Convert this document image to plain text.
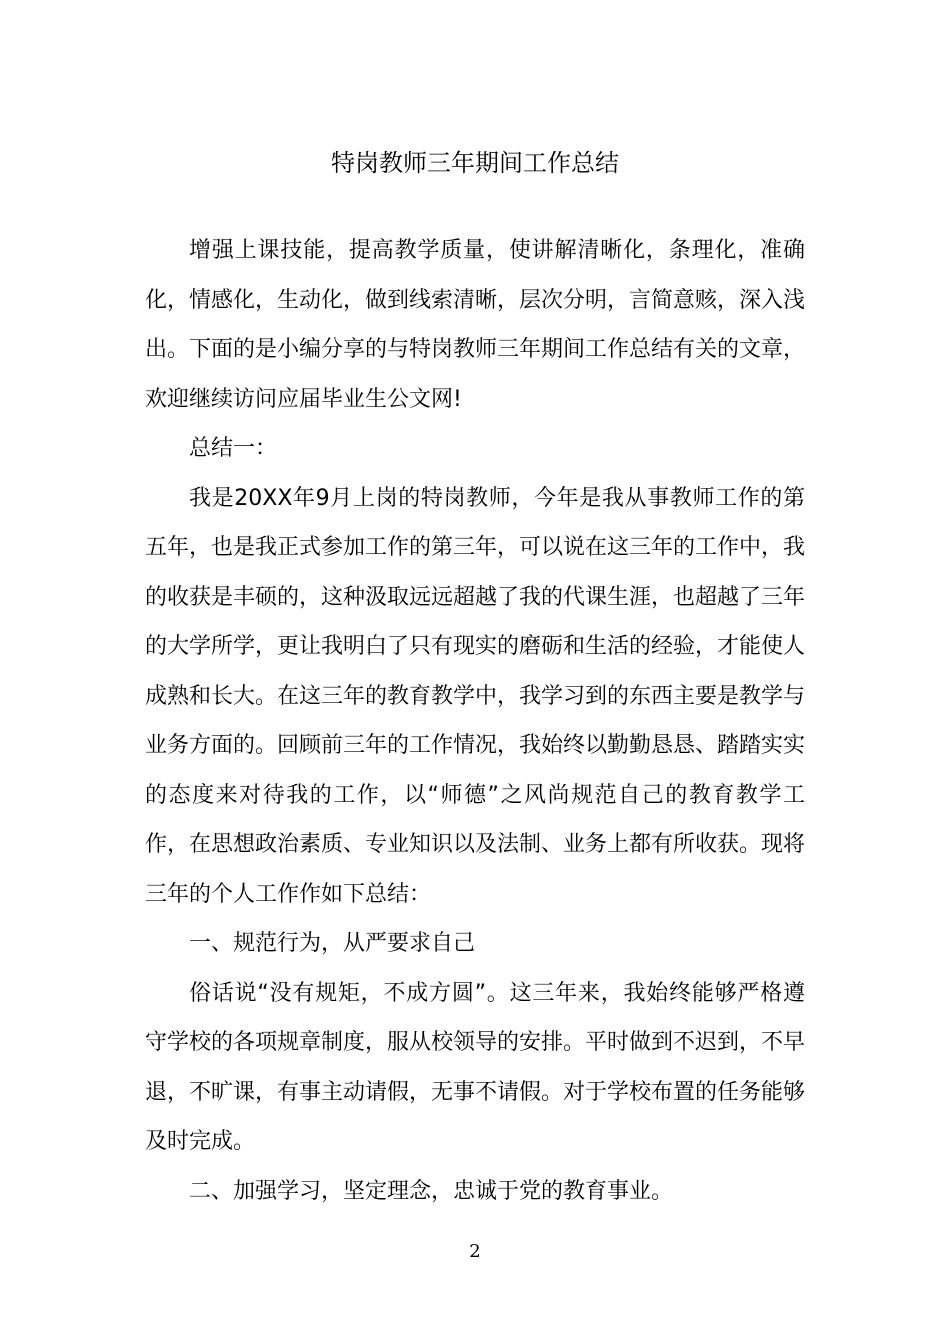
特岗教师三年期间工作总结

增强上课技能，提高教学质量，使讲解清晰化，条理化，准确化，情感化，生动化，做到线索清晰，层次分明，言简意赅，深入浅出。下面的是小编分享的与特岗教师三年期间工作总结有关的文章，欢迎继续访问应届毕业生公文网!

总结一：

我是20XX年9月上岗的特岗教师，今年是我从事教师工作的第五年，也是我正式参加工作的第三年，可以说在这三年的工作中，我的收获是丰硕的，这种汲取远远超越了我的代课生涯，也超越了三年的大学所学，更让我明白了只有现实的磨砺和生活的经验，才能使人成熟和长大。在这三年的教育教学中，我学习到的东西主要是教学与业务方面的。回顾前三年的工作情况，我始终以勤勤恳恳、踏踏实实的态度来对待我的工作，以“师德”之风尚规范自己的教育教学工作，在思想政治素质、专业知识以及法制、业务上都有所收获。现将三年的个人工作作如下总结：

一、规范行为，从严要求自己

俗话说“没有规矩，不成方圆”。这三年来，我始终能够严格遵守学校的各项规章制度，服从校领导的安排。平时做到不迟到，不早退，不旷课，有事主动请假，无事不请假。对于学校布置的任务能够及时完成。

二、加强学习，坚定理念，忠诚于党的教育事业。

2
